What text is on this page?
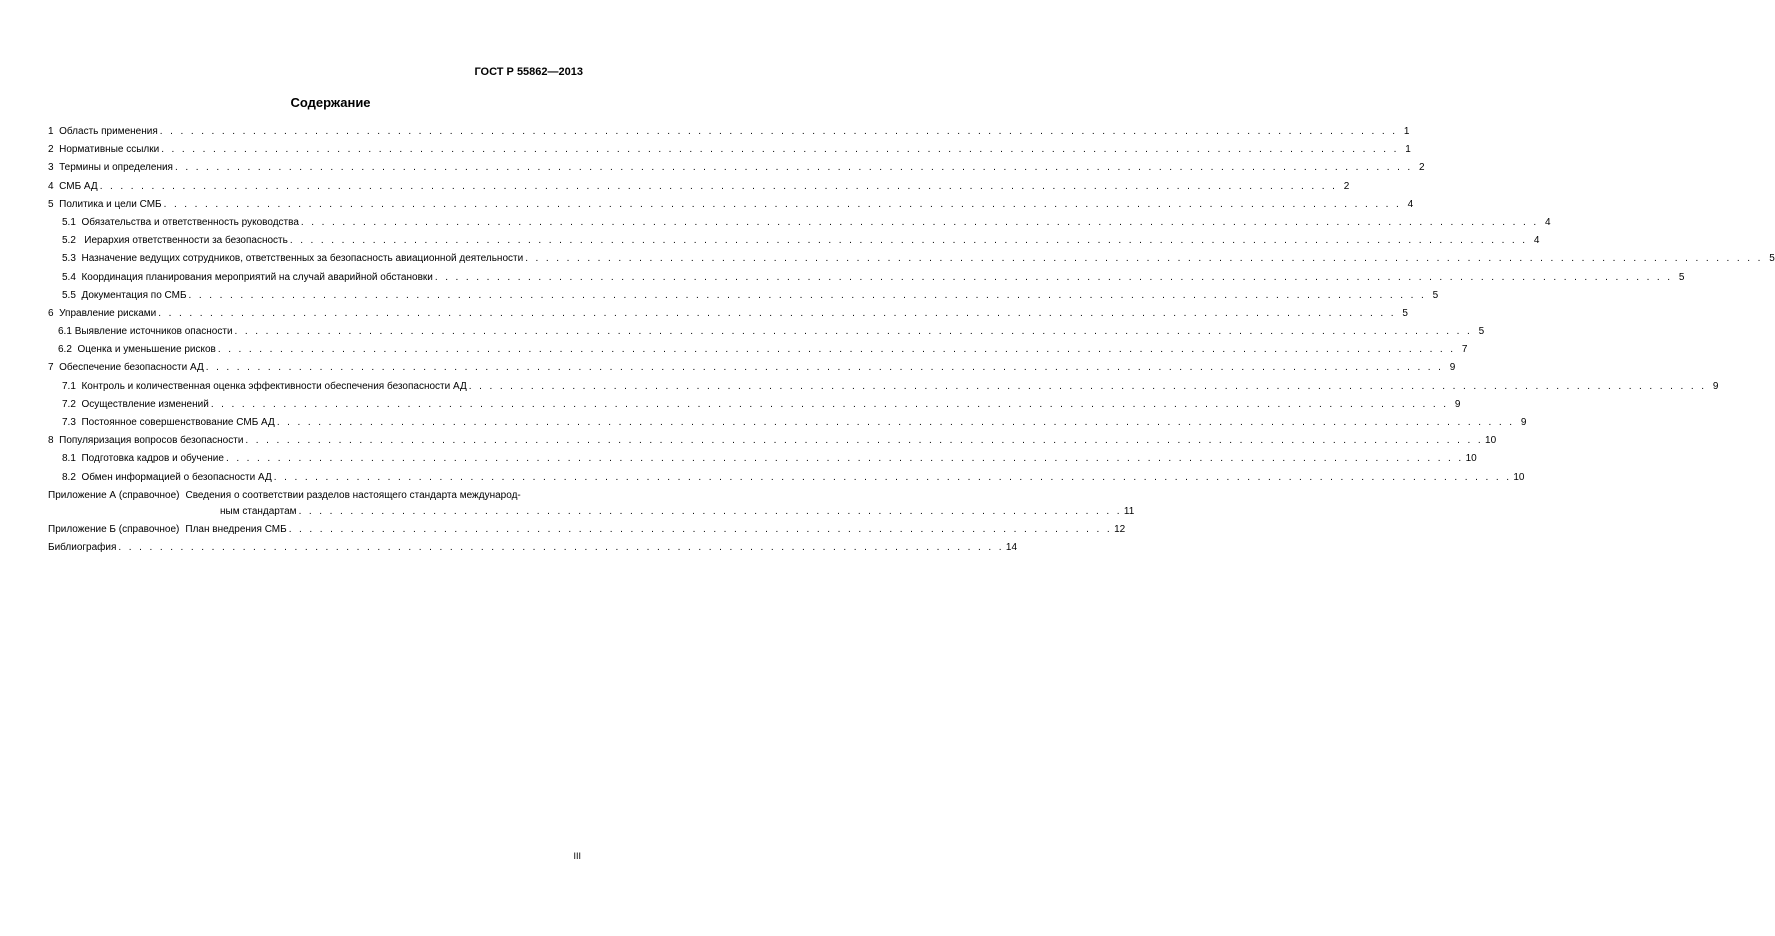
ГОСТ Р 55862—2013
Содержание
1 Область применения . . . . . . . . . . . . . . . . . . . . . . . . . . . . . . . . . . . . . . . . . . . . . . . . . . . . . . . . . . . . . . . . . . . . . . . . . . . . . . . . . . . . . . . . . . . . . . . . . . . . . . . . . . . . . . . . . . . . . . . . 1
2 Нормативные ссылки . . . . . . . . . . . . . . . . . . . . . . . . . . . . . . . . . . . . . . . . . . . . . . . . . . . . . . . . . . . . . . . . . . . . . . . . . . . . . . . . . . . . . . . . . . . . . . . . . . . . . . . . . . . . . . . . . . . . . . . . 1
3 Термины и определения . . . . . . . . . . . . . . . . . . . . . . . . . . . . . . . . . . . . . . . . . . . . . . . . . . . . . . . . . . . . . . . . . . . . . . . . . . . . . . . . . . . . . . . . . . . . . . . . . . . . . . . . . . . . . . . . . . . . . . . . 2
4 СМБ АД . . . . . . . . . . . . . . . . . . . . . . . . . . . . . . . . . . . . . . . . . . . . . . . . . . . . . . . . . . . . . . . . . . . . . . . . . . . . . . . . . . . . . . . . . . . . . . . . . . . . . . . . . . . . . . . . . . . . . . . . 2
5 Политика и цели СМБ . . . . . . . . . . . . . . . . . . . . . . . . . . . . . . . . . . . . . . . . . . . . . . . . . . . . . . . . . . . . . . . . . . . . . . . . . . . . . . . . . . . . . . . . . . . . . . . . . . . . . . . . . . . . . . . . . . . . . . . . 4
5.1 Обязательства и ответственность руководства . . . . . . . . . . . . . . . . . . . . . . . . . . . . . . . . . . . . . . . . . . . . . . . . . . . . . . . . . . . . . . . . . . . . . . . . . . . . . . . . . . . . . . . . . . . . . . . . . . . . . . . . . . . . . . . . . . . . . . . . 4
5.2 Иерархия ответственности за безопасность . . . . . . . . . . . . . . . . . . . . . . . . . . . . . . . . . . . . . . . . . . . . . . . . . . . . . . . . . . . . . . . . . . . . . . . . . . . . . . . . . . . . . . . . . . . . . . . . . . . . . . . . . . . . . . . . . . . . . . . . 4
5.3 Назначение ведущих сотрудников, ответственных за безопасность авиационной деятельности . . . . . . . . . . . . . . . . . . . . . . . . . . . . . . . . . . . . . . . . . . . . . . . . . . . . . . . . . . . . . . . . . . . . . . . . . . . . . . . . . . . . . . . . . . . . . . . . . . . . . . . . . . . . . . . . . . . . . . . . 5
5.4 Координация планирования мероприятий на случай аварийной обстановки . . . . . . . . . . . . . . . . . . . . . . . . . . . . . . . . . . . . . . . . . . . . . . . . . . . . . . . . . . . . . . . . . . . . . . . . . . . . . . . . . . . . . . . . . . . . . . . . . . . . . . . . . . . . . . . . . . . . . . . . 5
5.5 Документация по СМБ . . . . . . . . . . . . . . . . . . . . . . . . . . . . . . . . . . . . . . . . . . . . . . . . . . . . . . . . . . . . . . . . . . . . . . . . . . . . . . . . . . . . . . . . . . . . . . . . . . . . . . . . . . . . . . . . . . . . . . . . 5
6 Управление рисками . . . . . . . . . . . . . . . . . . . . . . . . . . . . . . . . . . . . . . . . . . . . . . . . . . . . . . . . . . . . . . . . . . . . . . . . . . . . . . . . . . . . . . . . . . . . . . . . . . . . . . . . . . . . . . . . . . . . . . . . 5
6.1 Выявление источников опасности . . . . . . . . . . . . . . . . . . . . . . . . . . . . . . . . . . . . . . . . . . . . . . . . . . . . . . . . . . . . . . . . . . . . . . . . . . . . . . . . . . . . . . . . . . . . . . . . . . . . . . . . . . . . . . . . . . . . . . . . 5
6.2 Оценка и уменьшение рисков . . . . . . . . . . . . . . . . . . . . . . . . . . . . . . . . . . . . . . . . . . . . . . . . . . . . . . . . . . . . . . . . . . . . . . . . . . . . . . . . . . . . . . . . . . . . . . . . . . . . . . . . . . . . . . . . . . . . . . . . 7
7 Обеспечение безопасности АД . . . . . . . . . . . . . . . . . . . . . . . . . . . . . . . . . . . . . . . . . . . . . . . . . . . . . . . . . . . . . . . . . . . . . . . . . . . . . . . . . . . . . . . . . . . . . . . . . . . . . . . . . . . . . . . . . . . . . . . . 9
7.1 Контроль и количественная оценка эффективности обеспечения безопасности АД . . . . . . . . . . . . . . . . . . . . . . . . . . . . . . . . . . . . . . . . . . . . . . . . . . . . . . . . . . . . . . . . . . . . . . . . . . . . . . . . . . . . . . . . . . . . . . . . . . . . . . . . . . . . . . . . . . . . . . . . 9
7.2 Осуществление изменений . . . . . . . . . . . . . . . . . . . . . . . . . . . . . . . . . . . . . . . . . . . . . . . . . . . . . . . . . . . . . . . . . . . . . . . . . . . . . . . . . . . . . . . . . . . . . . . . . . . . . . . . . . . . . . . . . . . . . . . . 9
7.3 Постоянное совершенствование СМБ АД . . . . . . . . . . . . . . . . . . . . . . . . . . . . . . . . . . . . . . . . . . . . . . . . . . . . . . . . . . . . . . . . . . . . . . . . . . . . . . . . . . . . . . . . . . . . . . . . . . . . . . . . . . . . . . . . . . . . . . . . 9
8 Популяризация вопросов безопасности . . . . . . . . . . . . . . . . . . . . . . . . . . . . . . . . . . . . . . . . . . . . . . . . . . . . . . . . . . . . . . . . . . . . . . . . . . . . . . . . . . . . . . . . . . . . . . . . . . . . . . . . . . . . . . . . . . . . . . . . 10
8.1 Подготовка кадров и обучение . . . . . . . . . . . . . . . . . . . . . . . . . . . . . . . . . . . . . . . . . . . . . . . . . . . . . . . . . . . . . . . . . . . . . . . . . . . . . . . . . . . . . . . . . . . . . . . . . . . . . . . . . . . . . . . . . . . . . . . . 10
8.2 Обмен информацией о безопасности АД . . . . . . . . . . . . . . . . . . . . . . . . . . . . . . . . . . . . . . . . . . . . . . . . . . . . . . . . . . . . . . . . . . . . . . . . . . . . . . . . . . . . . . . . . . . . . . . . . . . . . . . . . . . . . . . . . . . . . . . . 10
Приложение А (справочное) Сведения о соответствии разделов настоящего стандарта международ-
ным стандартам . . . . . . . . . . . . . . . . . . . . . . . . . . . . . . . . . . . . . . . . . . . . . . . . . . . . . . . . . . . . . . . . . . . . . . . . . . . . . . . . 11
Приложение Б (справочное) План внедрения СМБ . . . . . . . . . . . . . . . . . . . . . . . . . . . . . . . . . . . . . . . . . . . . . . . . . . . . . . . . . . . . . . . . . . . . . . . . . . . . . . . . 12
Библиография . . . . . . . . . . . . . . . . . . . . . . . . . . . . . . . . . . . . . . . . . . . . . . . . . . . . . . . . . . . . . . . . . . . . . . . . . . . . . . . . . . . . . . 14
III
